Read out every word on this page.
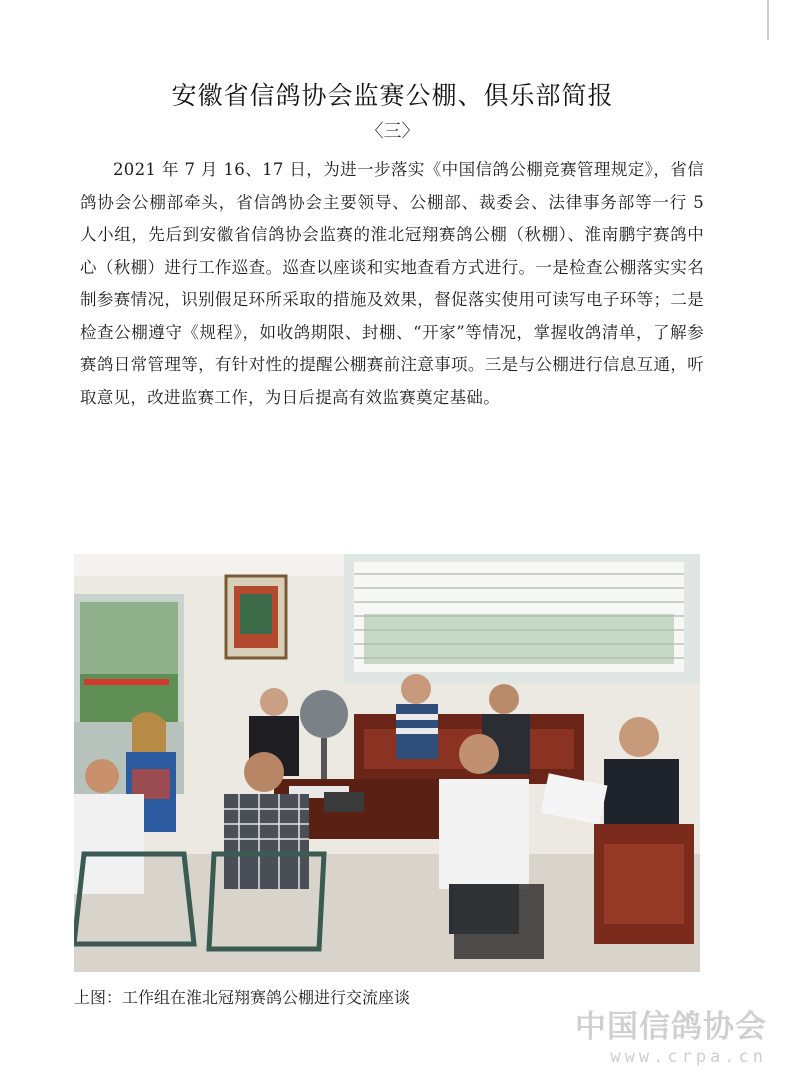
安徽省信鸽协会监赛公棚、俱乐部简报
〈三〉

2021 年 7 月 16、17 日，为进一步落实《中国信鸽公棚竞赛管理规定》，省信鸽协会公棚部牵头，省信鸽协会主要领导、公棚部、裁委会、法律事务部等一行 5 人小组，先后到安徽省信鸽协会监赛的淮北冠翔赛鸽公棚（秋棚）、淮南鹏宇赛鸽中心（秋棚）进行工作巡查。巡查以座谈和实地查看方式进行。一是检查公棚落实实名制参赛情况，识别假足环所采取的措施及效果，督促落实使用可读写电子环等；二是检查公棚遵守《规程》，如收鸽期限、封棚、“开家”等情况，掌握收鸽清单，了解参赛鸽日常管理等，有针对性的提醒公棚赛前注意事项。三是与公棚进行信息互通，听取意见，改进监赛工作，为日后提高有效监赛奠定基础。

上图：工作组在淮北冠翔赛鸽公棚进行交流座谈
中国信鸽协会
www.crpa.cn
